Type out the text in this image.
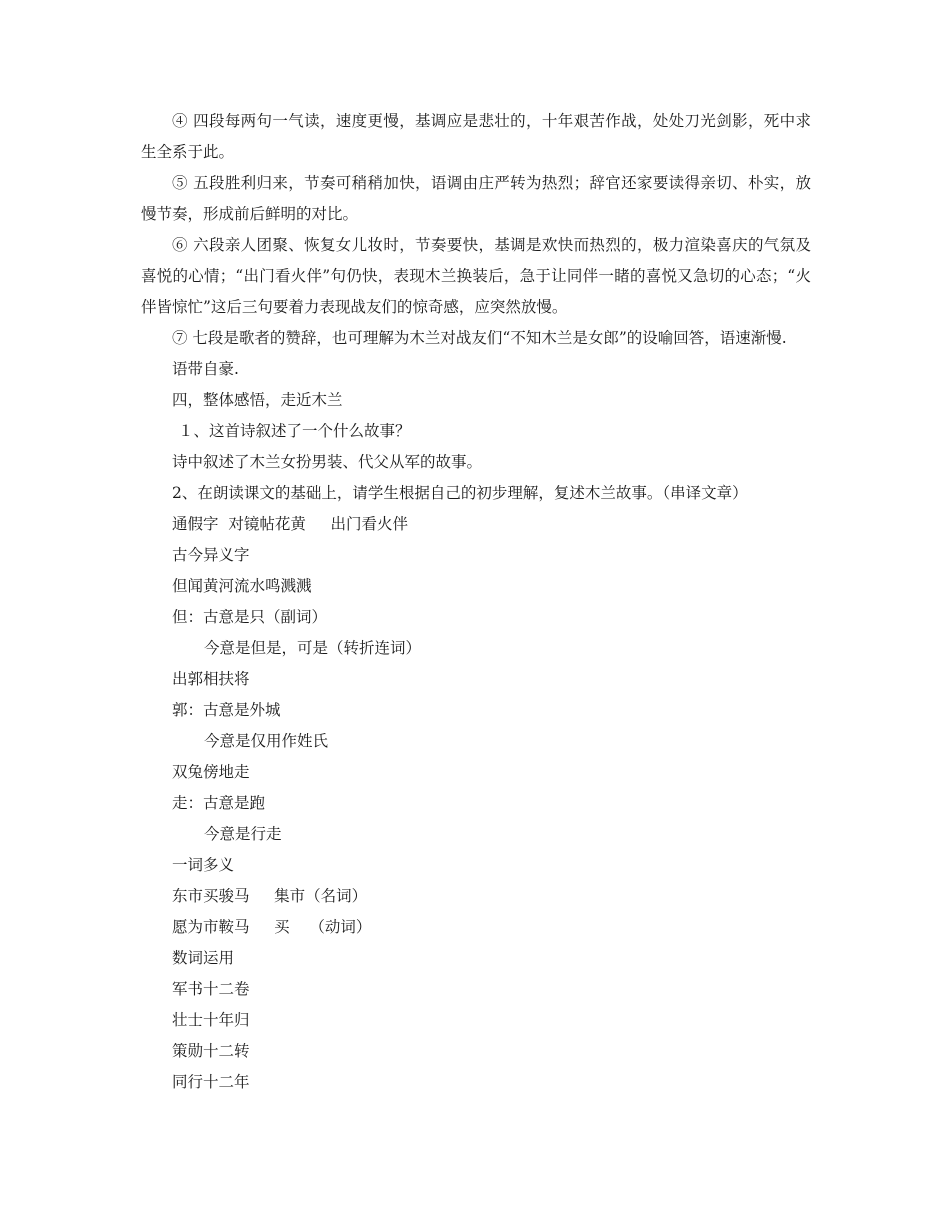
④ 四段每两句一气读，速度更慢，基调应是悲壮的，十年艰苦作战，处处刀光剑影，死中求生全系于此。

⑤ 五段胜利归来，节奏可稍稍加快，语调由庄严转为热烈；辞官还家要读得亲切、朴实，放慢节奏，形成前后鲜明的对比。

⑥ 六段亲人团聚、恢复女儿妆时，节奏要快，基调是欢快而热烈的，极力渲染喜庆的气氛及喜悦的心情；“出门看火伴”句仍快，表现木兰换装后，急于让同伴一睹的喜悦又急切的心态；“火伴皆惊忙”这后三句要着力表现战友们的惊奇感，应突然放慢。

⑦ 七段是歌者的赞辞，也可理解为木兰对战友们“不知木兰是女郎”的设喻回答，语速渐慢.

语带自豪.

四，整体感悟，走近木兰

１、这首诗叙述了一个什么故事？

诗中叙述了木兰女扮男装、代父从军的故事。

2、在朗读课文的基础上，请学生根据自己的初步理解，复述木兰故事。（串译文章）

通假字  对镜帖花黄     出门看火伴

古今异义字

但闻黄河流水鸣溅溅

但：古意是只（副词）

今意是但是，可是（转折连词）

出郭相扶将

郭：古意是外城

今意是仅用作姓氏

双兔傍地走

走：古意是跑

今意是行走

一词多义

东市买骏马     集市（名词）

愿为市鞍马     买    （动词）

数词运用

军书十二卷

壮士十年归

策勋十二转

同行十二年
